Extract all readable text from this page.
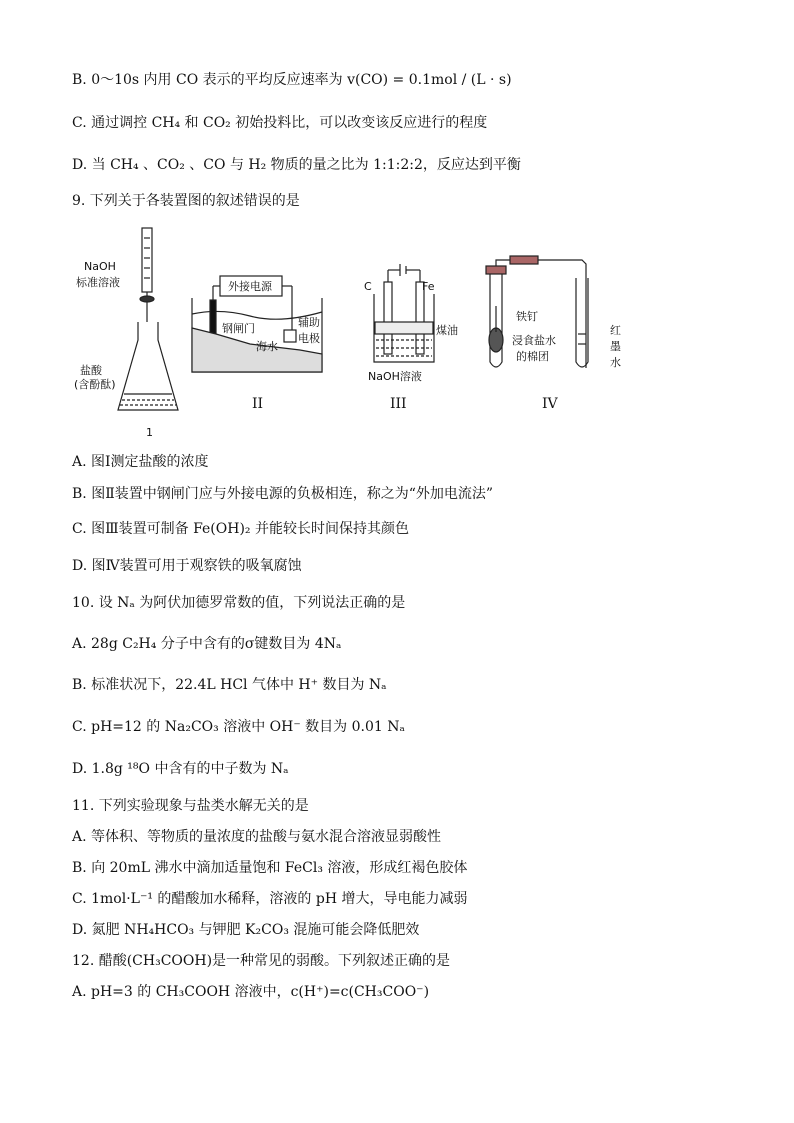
B. 0～10s 内用 CO 表示的平均反应速率为 v(CO) = 0.1mol / (L · s)
C. 通过调控 CH₄ 和 CO₂ 初始投料比，可以改变该反应进行的程度
D. 当 CH₄ 、CO₂ 、CO 与 H₂ 物质的量之比为 1:1:2:2，反应达到平衡
9. 下列关于各装置图的叙述错误的是
NaOH
标准溶液
盐酸
(含酚酞)
1
外接电源
钢闸门
海水
辅助
电极
II
C	Fe
煤油
NaOH溶液
III
铁钉
浸食盐水
的棉团
红
墨
水
IV
A. 图Ⅰ测定盐酸的浓度
B. 图Ⅱ装置中钢闸门应与外接电源的负极相连，称之为“外加电流法”
C. 图Ⅲ装置可制备 Fe(OH)₂ 并能较长时间保持其颜色
D. 图Ⅳ装置可用于观察铁的吸氧腐蚀
10. 设 Nₐ 为阿伏加德罗常数的值，下列说法正确的是
A. 28g C₂H₄ 分子中含有的σ键数目为 4Nₐ
B. 标准状况下，22.4L HCl 气体中 H⁺ 数目为 Nₐ
C. pH=12 的 Na₂CO₃ 溶液中 OH⁻ 数目为 0.01 Nₐ
D. 1.8g ¹⁸O 中含有的中子数为 Nₐ
11. 下列实验现象与盐类水解无关的是
A. 等体积、等物质的量浓度的盐酸与氨水混合溶液显弱酸性
B. 向 20mL 沸水中滴加适量饱和 FeCl₃ 溶液，形成红褐色胶体
C. 1mol·L⁻¹ 的醋酸加水稀释，溶液的 pH 增大，导电能力减弱
D. 氮肥 NH₄HCO₃ 与钾肥 K₂CO₃ 混施可能会降低肥效
12. 醋酸(CH₃COOH)是一种常见的弱酸。下列叙述正确的是
A. pH=3 的 CH₃COOH 溶液中，c(H⁺)=c(CH₃COO⁻)
